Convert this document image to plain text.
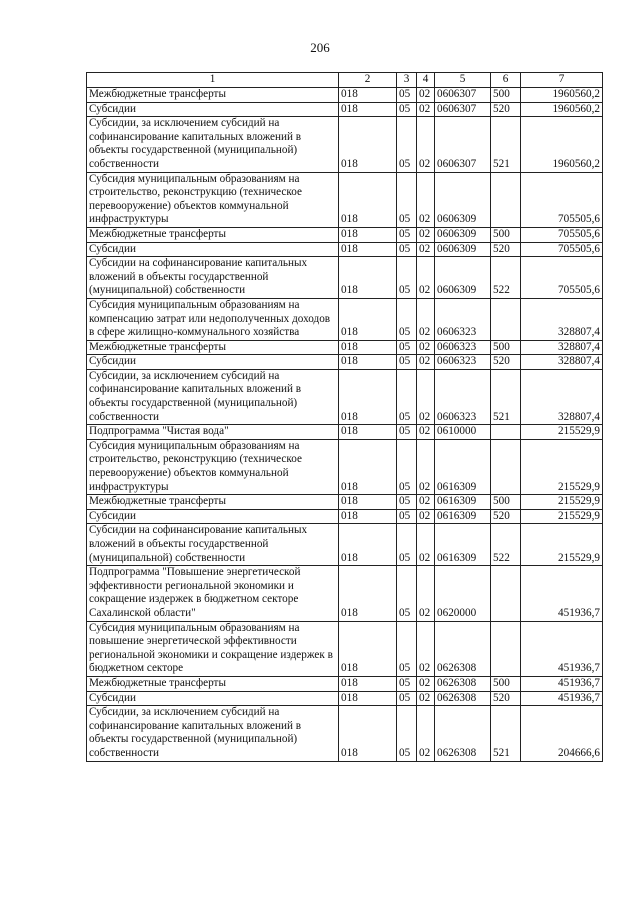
206
1	2	3	4	5	6	7
Межбюджетные трансферты	018	05	02	0606307	500	1960560,2
Субсидии	018	05	02	0606307	520	1960560,2
Субсидии, за исключением субсидий на софинансирование капитальных вложений в объекты государственной (муниципальной) собственности	018	05	02	0606307	521	1960560,2
Субсидия муниципальным образованиям на строительство, реконструкцию (техническое перевооружение) объектов коммунальной инфраструктуры	018	05	02	0606309		705505,6
Межбюджетные трансферты	018	05	02	0606309	500	705505,6
Субсидии	018	05	02	0606309	520	705505,6
Субсидии на софинансирование капитальных вложений в объекты государственной (муниципальной) собственности	018	05	02	0606309	522	705505,6
Субсидия муниципальным образованиям на компенсацию затрат или недополученных доходов в сфере жилищно-коммунального хозяйства	018	05	02	0606323		328807,4
Межбюджетные трансферты	018	05	02	0606323	500	328807,4
Субсидии	018	05	02	0606323	520	328807,4
Субсидии, за исключением субсидий на софинансирование капитальных вложений в объекты государственной (муниципальной) собственности	018	05	02	0606323	521	328807,4
Подпрограмма "Чистая вода"	018	05	02	0610000		215529,9
Субсидия муниципальным образованиям на строительство, реконструкцию (техническое перевооружение) объектов коммунальной инфраструктуры	018	05	02	0616309		215529,9
Межбюджетные трансферты	018	05	02	0616309	500	215529,9
Субсидии	018	05	02	0616309	520	215529,9
Субсидии на софинансирование капитальных вложений в объекты государственной (муниципальной) собственности	018	05	02	0616309	522	215529,9
Подпрограмма "Повышение энергетической эффективности региональной экономики и сокращение издержек в бюджетном секторе Сахалинской области"	018	05	02	0620000		451936,7
Субсидия муниципальным образованиям на повышение энергетической эффективности региональной экономики и сокращение издержек в бюджетном секторе	018	05	02	0626308		451936,7
Межбюджетные трансферты	018	05	02	0626308	500	451936,7
Субсидии	018	05	02	0626308	520	451936,7
Субсидии, за исключением субсидий на софинансирование капитальных вложений в объекты государственной (муниципальной) собственности	018	05	02	0626308	521	204666,6
